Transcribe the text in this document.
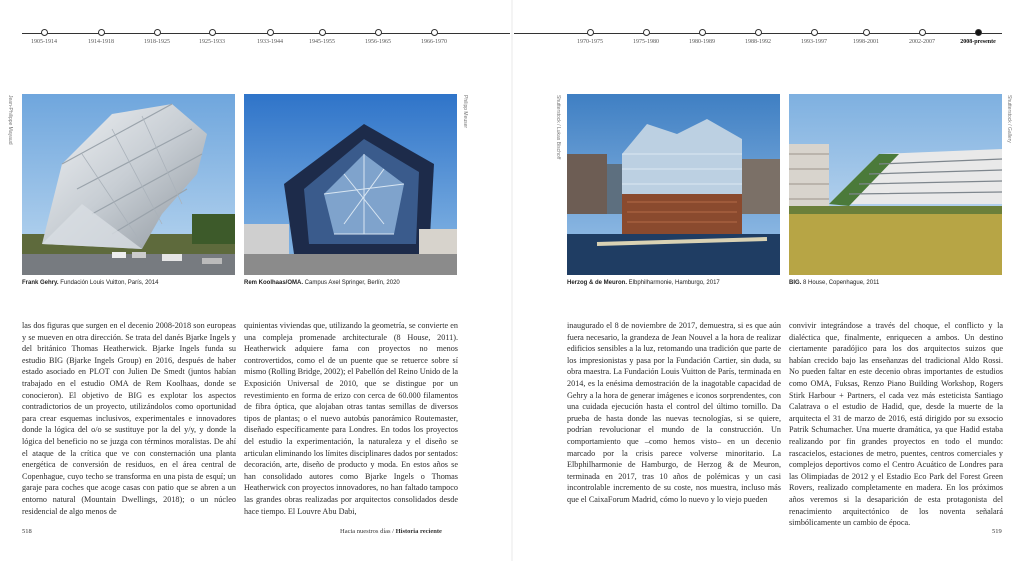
1905-1914	1914-1918	1918-1925	1925-1933	1933-1944	1945-1955	1956-1965	1966-1970	1970-1975	1975-1980	1980-1989	1988-1992	1993-1997	1998-2001	2002-2007	2008-presente
Jean-Philippe Mayaud	Philipp Meuser	Shutterstock / Lukas Bischoff	Shutterstock / Gallery
Frank Gehry. Fundación Louis Vuitton, París, 2014	Rem Koolhaas/OMA. Campus Axel Springer, Berlín, 2020	Herzog & de Meuron. Elbphilharmonie, Hamburgo, 2017	BIG. 8 House, Copenhague, 2011

las dos figuras que surgen en el decenio 2008-2018 son europeas y se mueven en otra dirección. Se trata del danés Bjarke Ingels y del británico Thomas Heatherwick. Bjarke Ingels funda su estudio BIG (Bjarke Ingels Group) en 2016, después de haber estado asociado en PLOT con Julien De Smedt (juntos habían trabajado en el estudio OMA de Rem Koolhaas, donde se conocieron). El objetivo de BIG es explotar los aspectos contradictorios de un proyecto, utilizándolos como oportunidad para crear esquemas inclusivos, experimentales e innovadores donde la lógica del o/o se sustituye por la del y/y, y donde la lógica del beneficio no se juzga con términos moralistas. De ahí el ataque de la crítica que ve con consternación una planta energética de conversión de residuos, en el área central de Copenhague, cuyo techo se transforma en una pista de esquí; un garaje para coches que acoge casas con patio que se abren a un entorno natural (Mountain Dwellings, 2018); o un núcleo residencial de algo menos de

quinientas viviendas que, utilizando la geometría, se convierte en una compleja promenade architecturale (8 House, 2011). Heatherwick adquiere fama con proyectos no menos controvertidos, como el de un puente que se retuerce sobre sí mismo (Rolling Bridge, 2002); el Pabellón del Reino Unido de la Exposición Universal de 2010, que se distingue por un revestimiento en forma de erizo con cerca de 60.000 filamentos de fibra óptica, que alojaban otras tantas semillas de diversos tipos de plantas; o el nuevo autobús panorámico Routemaster, diseñado específicamente para Londres. En todos los proyectos del estudio la experimentación, la naturaleza y el diseño se articulan eliminando los límites disciplinares dados por sentados: decoración, arte, diseño de producto y moda. En estos años se han consolidado autores como Bjarke Ingels o Thomas Heatherwick con proyectos innovadores, no han faltado tampoco las grandes obras realizadas por arquitectos consolidados desde hace tiempo. El Louvre Abu Dabi,

inaugurado el 8 de noviembre de 2017, demuestra, si es que aún fuera necesario, la grandeza de Jean Nouvel a la hora de realizar edificios sensibles a la luz, retomando una tradición que parte de los impresionistas y pasa por la Fundación Cartier, sin duda, su obra maestra. La Fundación Louis Vuitton de París, terminada en 2014, es la enésima demostración de la inagotable capacidad de Gehry a la hora de generar imágenes e iconos sorprendentes, con una cuidada ejecución hasta el control del último tornillo. Da prueba de hasta donde las nuevas tecnologías, si se quiere, podrían revolucionar el mundo de la construcción. Un comportamiento que –como hemos visto– en un decenio marcado por la crisis parece volverse minoritario. La Elbphilharmonie de Hamburgo, de Herzog & de Meuron, terminada en 2017, tras 10 años de polémicas y un casi incontrolable incremento de su coste, nos muestra, incluso más que el CaixaForum Madrid, cómo lo nuevo y lo viejo pueden

convivir integrándose a través del choque, el conflicto y la dialéctica que, finalmente, enriquecen a ambos. Un destino ciertamente paradójico para los dos arquitectos suizos que habían crecido bajo las enseñanzas del tradicional Aldo Rossi. No pueden faltar en este decenio obras importantes de estudios como OMA, Fuksas, Renzo Piano Building Workshop, Rogers Stirk Harbour + Partners, el cada vez más esteticista Santiago Calatrava o el estudio de Hadid, que, desde la muerte de la arquitecta el 31 de marzo de 2016, está dirigido por su exsocio Patrik Schumacher. Una muerte dramática, ya que Hadid estaba realizando por fin grandes proyectos en todo el mundo: rascacielos, estaciones de metro, puentes, centros comerciales y complejos deportivos como el Centro Acuático de Londres para las Olimpiadas de 2012 y el Estadio Eco Park del Forest Green Rovers, realizado completamente en madera. En los próximos años veremos si la desaparición de esta protagonista del renacimiento arquitectónico de los noventa señalará simbólicamente un cambio de época.

518	Hacia nuestros días / Historia reciente	519
